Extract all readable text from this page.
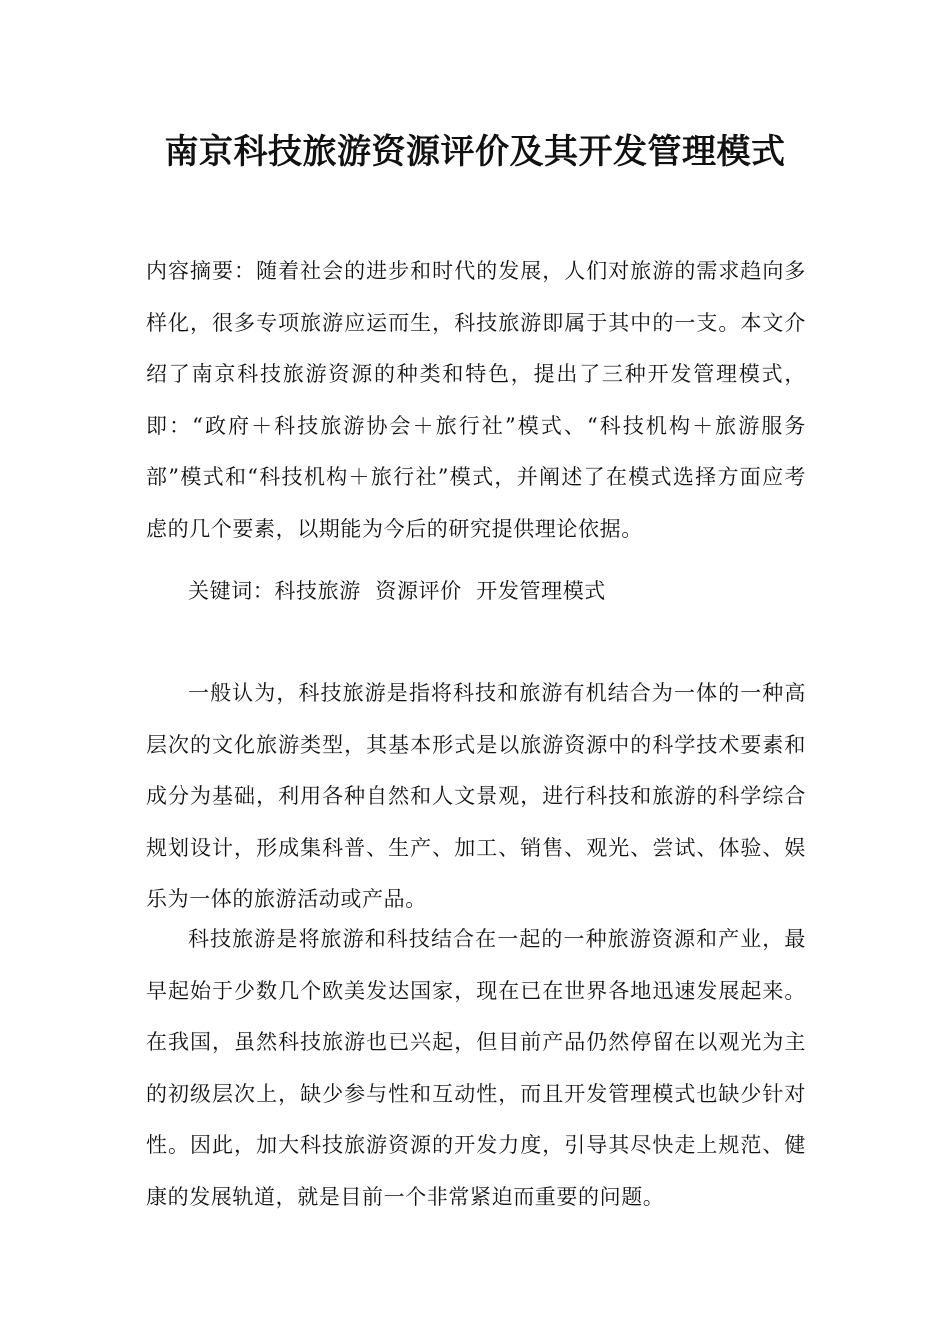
南京科技旅游资源评价及其开发管理模式

内容摘要：随着社会的进步和时代的发展，人们对旅游的需求趋向多样化，很多专项旅游应运而生，科技旅游即属于其中的一支。本文介绍了南京科技旅游资源的种类和特色，提出了三种开发管理模式，即：“政府＋科技旅游协会＋旅行社”模式、“科技机构＋旅游服务部”模式和“科技机构＋旅行社”模式，并阐述了在模式选择方面应考虑的几个要素，以期能为今后的研究提供理论依据。

关键词：科技旅游  资源评价  开发管理模式

一般认为，科技旅游是指将科技和旅游有机结合为一体的一种高层次的文化旅游类型，其基本形式是以旅游资源中的科学技术要素和成分为基础，利用各种自然和人文景观，进行科技和旅游的科学综合规划设计，形成集科普、生产、加工、销售、观光、尝试、体验、娱乐为一体的旅游活动或产品。

科技旅游是将旅游和科技结合在一起的一种旅游资源和产业，最早起始于少数几个欧美发达国家，现在已在世界各地迅速发展起来。在我国，虽然科技旅游也已兴起，但目前产品仍然停留在以观光为主的初级层次上，缺少参与性和互动性，而且开发管理模式也缺少针对性。因此，加大科技旅游资源的开发力度，引导其尽快走上规范、健康的发展轨道，就是目前一个非常紧迫而重要的问题。
